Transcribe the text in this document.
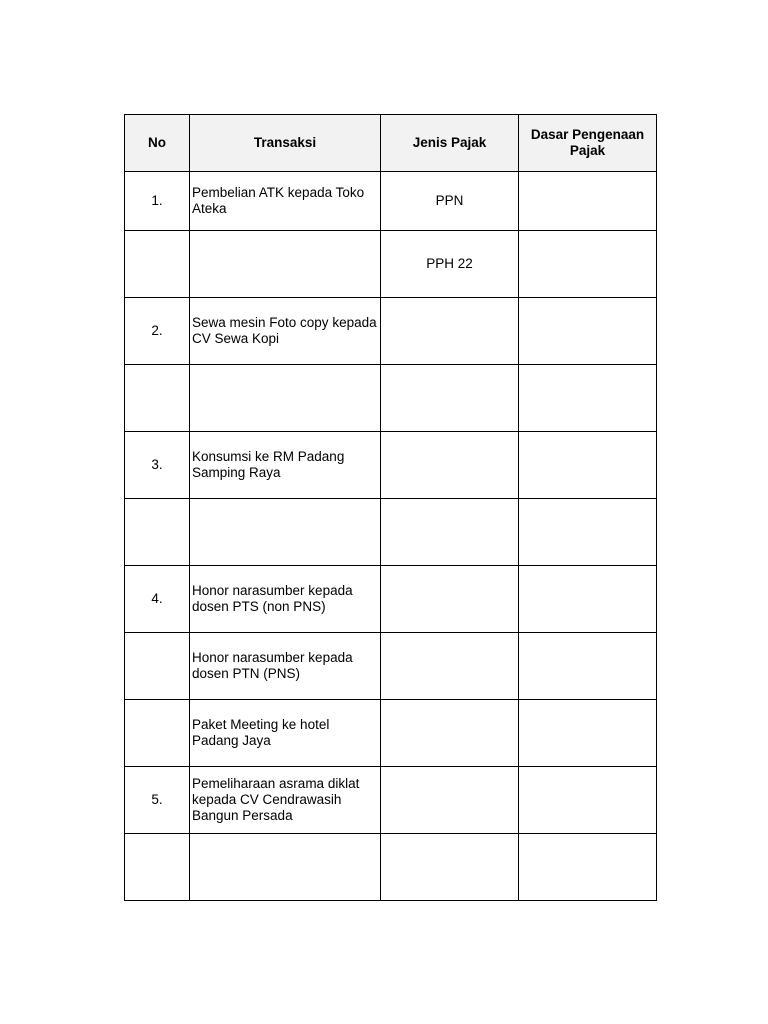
No	Transaksi	Jenis Pajak	Dasar Pengenaan Pajak
1.	Pembelian ATK kepada Toko Ateka	PPN	
		PPH 22	
2.	Sewa mesin Foto copy kepada CV Sewa Kopi		

3.	Konsumsi ke RM Padang Samping Raya		

4.	Honor narasumber kepada dosen PTS (non PNS)		
	Honor narasumber kepada dosen PTN (PNS)		
	Paket Meeting ke hotel Padang Jaya		
5.	Pemeliharaan asrama diklat kepada CV Cendrawasih Bangun Persada		
